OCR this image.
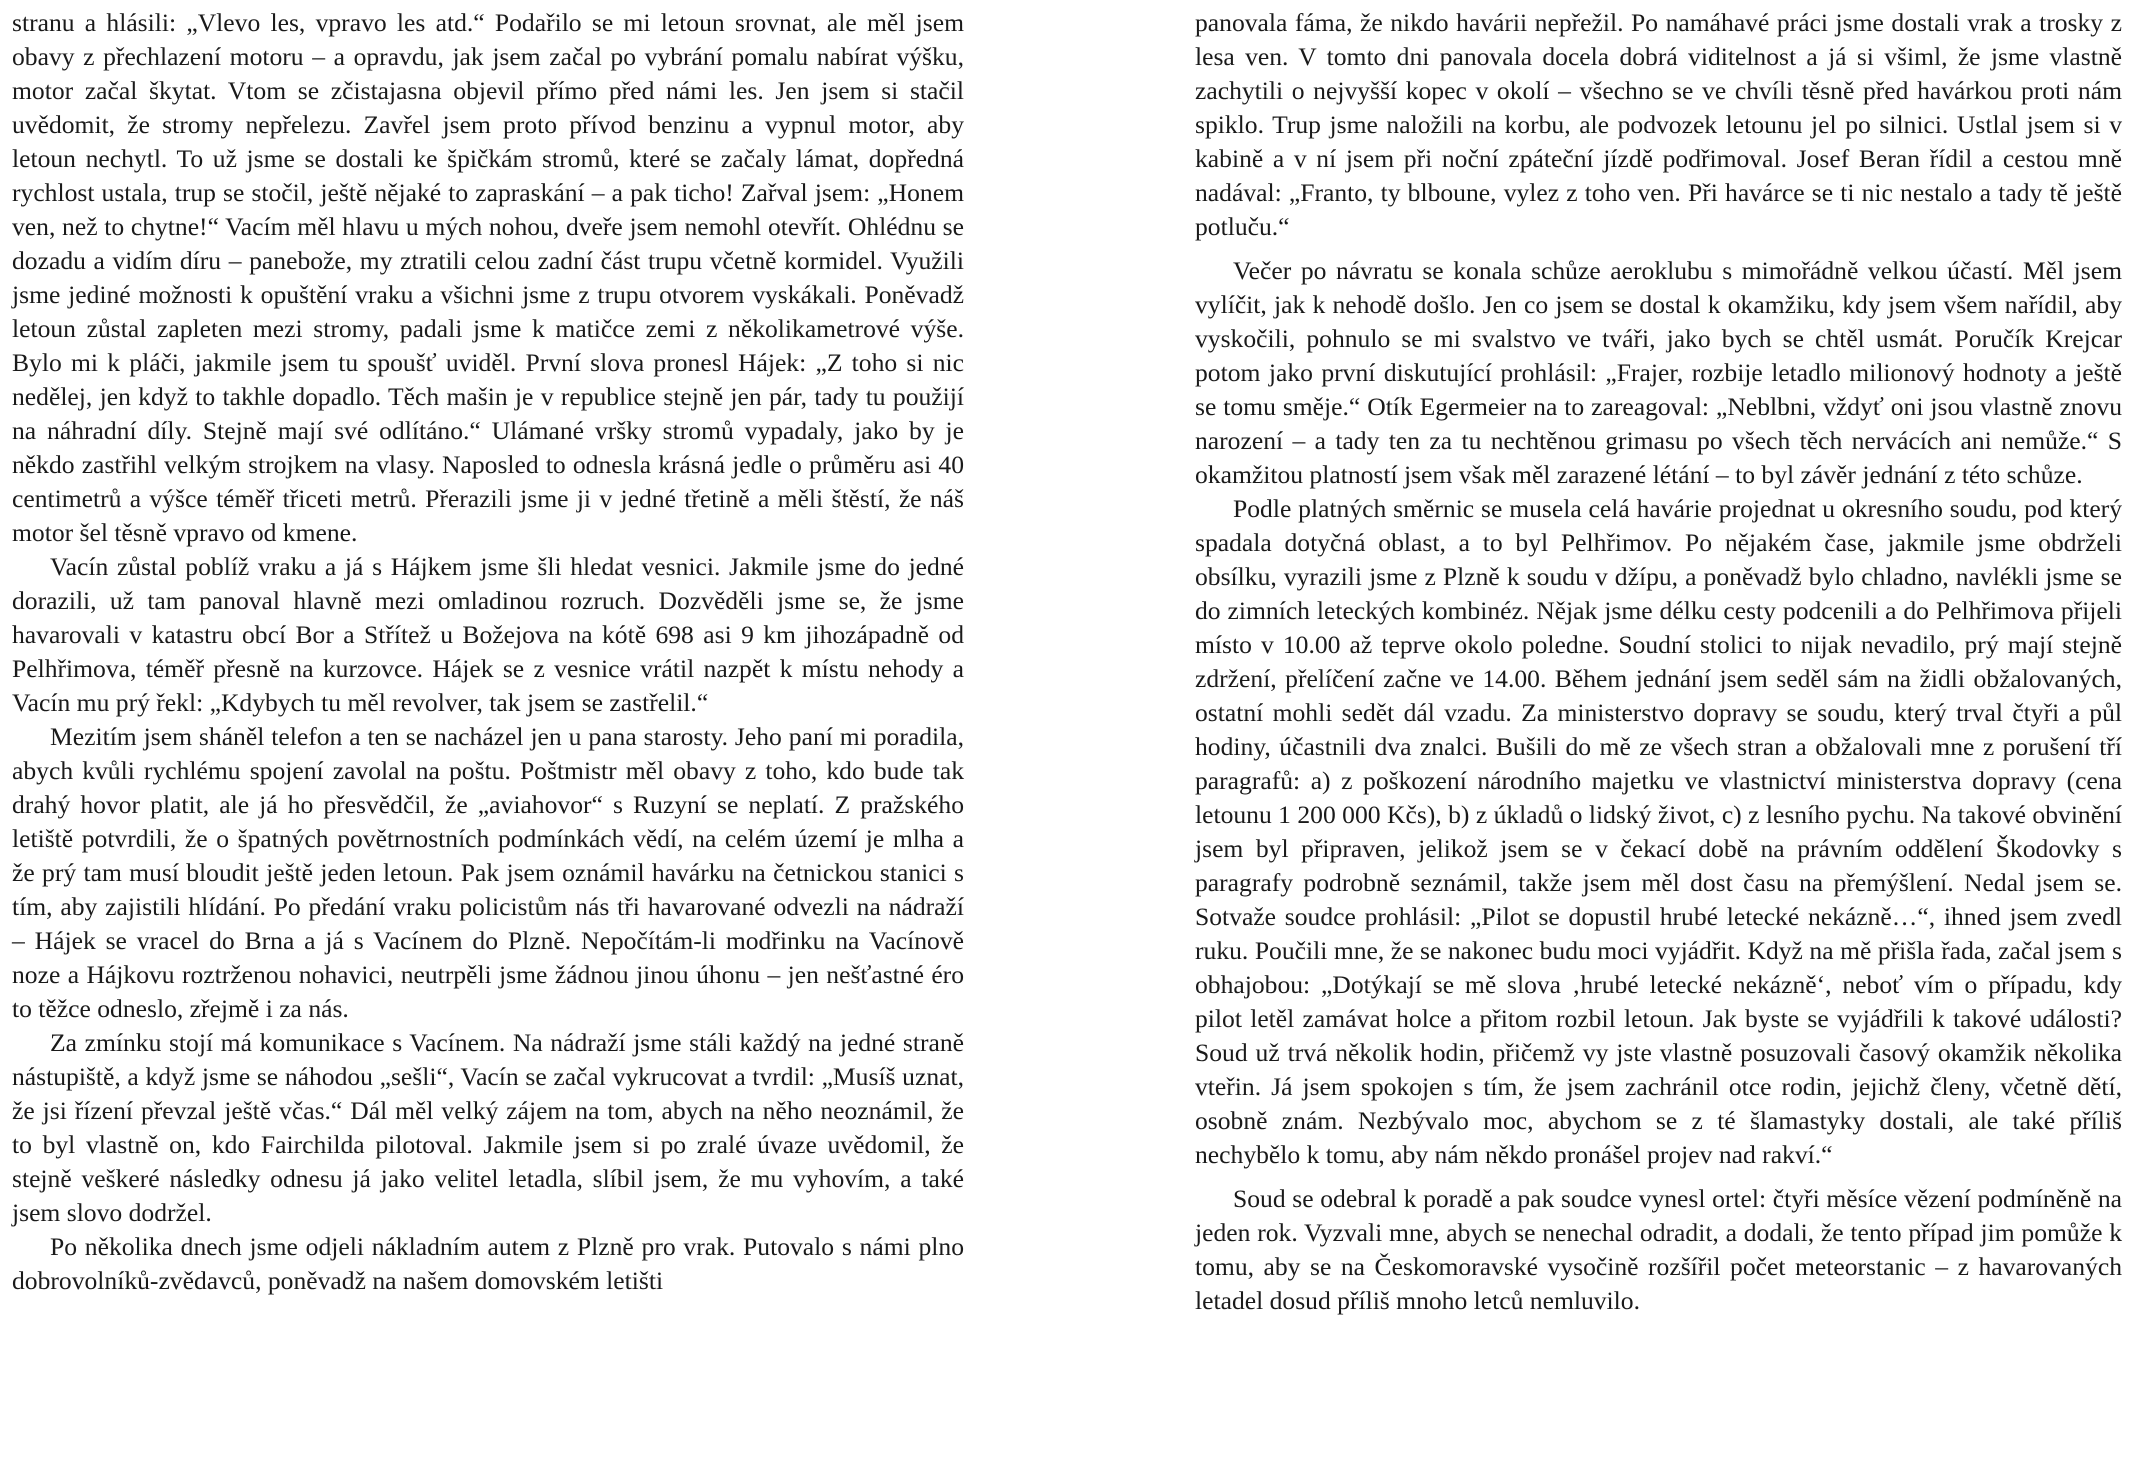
stranu a hlásili: „Vlevo les, vpravo les atd.“ Podařilo se mi letoun srovnat, ale měl jsem obavy z přechlazení motoru – a opravdu, jak jsem začal po vybrání pomalu nabírat výšku, motor začal škytat. Vtom se zčistajasna objevil přímo před námi les. Jen jsem si stačil uvědomit, že stromy nepřelezu. Zavřel jsem proto přívod benzinu a vypnul motor, aby letoun nechytl. To už jsme se dostali ke špičkám stromů, které se začaly lámat, dopředná rychlost ustala, trup se stočil, ještě nějaké to zapraskání – a pak ticho! Zařval jsem: „Honem ven, než to chytne!“ Vacím měl hlavu u mých nohou, dveře jsem nemohl otevřít. Ohlédnu se dozadu a vidím díru – panebože, my ztratili celou zadní část trupu včetně kormidel. Využili jsme jediné možnosti k opuštění vraku a všichni jsme z trupu otvorem vyskákali. Poněvadž letoun zůstal zapleten mezi stromy, padali jsme k matičce zemi z několikametrové výše. Bylo mi k pláči, jakmile jsem tu spoušť uviděl. První slova pronesl Hájek: „Z toho si nic nedělej, jen když to takhle dopadlo. Těch mašin je v republice stejně jen pár, tady tu použijí na náhradní díly. Stejně mají své odlítáno.“ Ulámané vršky stromů vypadaly, jako by je někdo zastřihl velkým strojkem na vlasy. Naposled to odnesla krásná jedle o průměru asi 40 centimetrů a výšce téměř třiceti metrů. Přerazili jsme ji v jedné třetině a měli štěstí, že náš motor šel těsně vpravo od kmene.

Vacín zůstal poblíž vraku a já s Hájkem jsme šli hledat vesnici. Jakmile jsme do jedné dorazili, už tam panoval hlavně mezi omladinou rozruch. Dozvěděli jsme se, že jsme havarovali v katastru obcí Bor a Střítež u Božejova na kótě 698 asi 9 km jihozápadně od Pelhřimova, téměř přesně na kurzovce. Hájek se z vesnice vrátil nazpět k místu nehody a Vacín mu prý řekl: „Kdybych tu měl revolver, tak jsem se zastřelil.“

Mezitím jsem sháněl telefon a ten se nacházel jen u pana starosty. Jeho paní mi poradila, abych kvůli rychlému spojení zavolal na poštu. Poštmistr měl obavy z toho, kdo bude tak drahý hovor platit, ale já ho přesvědčil, že „aviahovor“ s Ruzyní se neplatí. Z pražského letiště potvrdili, že o špatných povětrnostních podmínkách vědí, na celém území je mlha a že prý tam musí bloudit ještě jeden letoun. Pak jsem oznámil havárku na četnickou stanici s tím, aby zajistili hlídání. Po předání vraku policistům nás tři havarované odvezli na nádraží – Hájek se vracel do Brna a já s Vacínem do Plzně. Nepočítám-li modřinku na Vacínově noze a Hájkovu roztrženou nohavici, neutrpěli jsme žádnou jinou úhonu – jen nešťastné éro to těžce odneslo, zřejmě i za nás.

Za zmínku stojí má komunikace s Vacínem. Na nádraží jsme stáli každý na jedné straně nástupiště, a když jsme se náhodou „sešli“, Vacín se začal vykrucovat a tvrdil: „Musíš uznat, že jsi řízení převzal ještě včas.“ Dál měl velký zájem na tom, abych na něho neoznámil, že to byl vlastně on, kdo Fairchilda pilotoval. Jakmile jsem si po zralé úvaze uvědomil, že stejně veškeré následky odnesu já jako velitel letadla, slíbil jsem, že mu vyhovím, a také jsem slovo dodržel.

Po několika dnech jsme odjeli nákladním autem z Plzně pro vrak. Putovalo s námi plno dobrovolníků-zvědavců, poněvadž na našem domovském letišti

panovala fáma, že nikdo havárii nepřežil. Po namáhavé práci jsme dostali vrak a trosky z lesa ven. V tomto dni panovala docela dobrá viditelnost a já si všiml, že jsme vlastně zachytili o nejvyšší kopec v okolí – všechno se ve chvíli těsně před havárkou proti nám spiklo. Trup jsme naložili na korbu, ale podvozek letounu jel po silnici. Ustlal jsem si v kabině a v ní jsem při noční zpáteční jízdě podřimoval. Josef Beran řídil a cestou mně nadával: „Franto, ty blboune, vylez z toho ven. Při havárce se ti nic nestalo a tady tě ještě potluču.“

Večer po návratu se konala schůze aeroklubu s mimořádně velkou účastí. Měl jsem vylíčit, jak k nehodě došlo. Jen co jsem se dostal k okamžiku, kdy jsem všem nařídil, aby vyskočili, pohnulo se mi svalstvo ve tváři, jako bych se chtěl usmát. Poručík Krejcar potom jako první diskutující prohlásil: „Frajer, rozbije letadlo milionový hodnoty a ještě se tomu směje.“ Otík Egermeier na to zareagoval: „Neblbni, vždyť oni jsou vlastně znovu narození – a tady ten za tu nechtěnou grimasu po všech těch nervácích ani nemůže.“ S okamžitou platností jsem však měl zarazené létání – to byl závěr jednání z této schůze.

Podle platných směrnic se musela celá havárie projednat u okresního soudu, pod který spadala dotyčná oblast, a to byl Pelhřimov. Po nějakém čase, jakmile jsme obdrželi obsílku, vyrazili jsme z Plzně k soudu v džípu, a poněvadž bylo chladno, navlékli jsme se do zimních leteckých kombinéz. Nějak jsme délku cesty podcenili a do Pelhřimova přijeli místo v 10.00 až teprve okolo poledne. Soudní stolici to nijak nevadilo, prý mají stejně zdržení, přelíčení začne ve 14.00. Během jednání jsem seděl sám na židli obžalovaných, ostatní mohli sedět dál vzadu. Za ministerstvo dopravy se soudu, který trval čtyři a půl hodiny, účastnili dva znalci. Bušili do mě ze všech stran a obžalovali mne z porušení tří paragrafů: a) z poškození národního majetku ve vlastnictví ministerstva dopravy (cena letounu 1 200 000 Kčs), b) z úkladů o lidský život, c) z lesního pychu. Na takové obvinění jsem byl připraven, jelikož jsem se v čekací době na právním oddělení Škodovky s paragrafy podrobně seznámil, takže jsem měl dost času na přemýšlení. Nedal jsem se. Sotvaže soudce prohlásil: „Pilot se dopustil hrubé letecké nekázně…“, ihned jsem zvedl ruku. Poučili mne, že se nakonec budu moci vyjádřit. Když na mě přišla řada, začal jsem s obhajobou: „Dotýkají se mě slova ‚hrubé letecké nekázně‘, neboť vím o případu, kdy pilot letěl zamávat holce a přitom rozbil letoun. Jak byste se vyjádřili k takové události? Soud už trvá několik hodin, přičemž vy jste vlastně posuzovali časový okamžik několika vteřin. Já jsem spokojen s tím, že jsem zachránil otce rodin, jejichž členy, včetně dětí, osobně znám. Nezbývalo moc, abychom se z té šlamastyky dostali, ale také příliš nechybělo k tomu, aby nám někdo pronášel projev nad rakví.“

Soud se odebral k poradě a pak soudce vynesl ortel: čtyři měsíce vězení podmíněně na jeden rok. Vyzvali mne, abych se nenechal odradit, a dodali, že tento případ jim pomůže k tomu, aby se na Českomoravské vysočině rozšířil počet meteorstanic – z havarovaných letadel dosud příliš mnoho letců nemluvilo.
